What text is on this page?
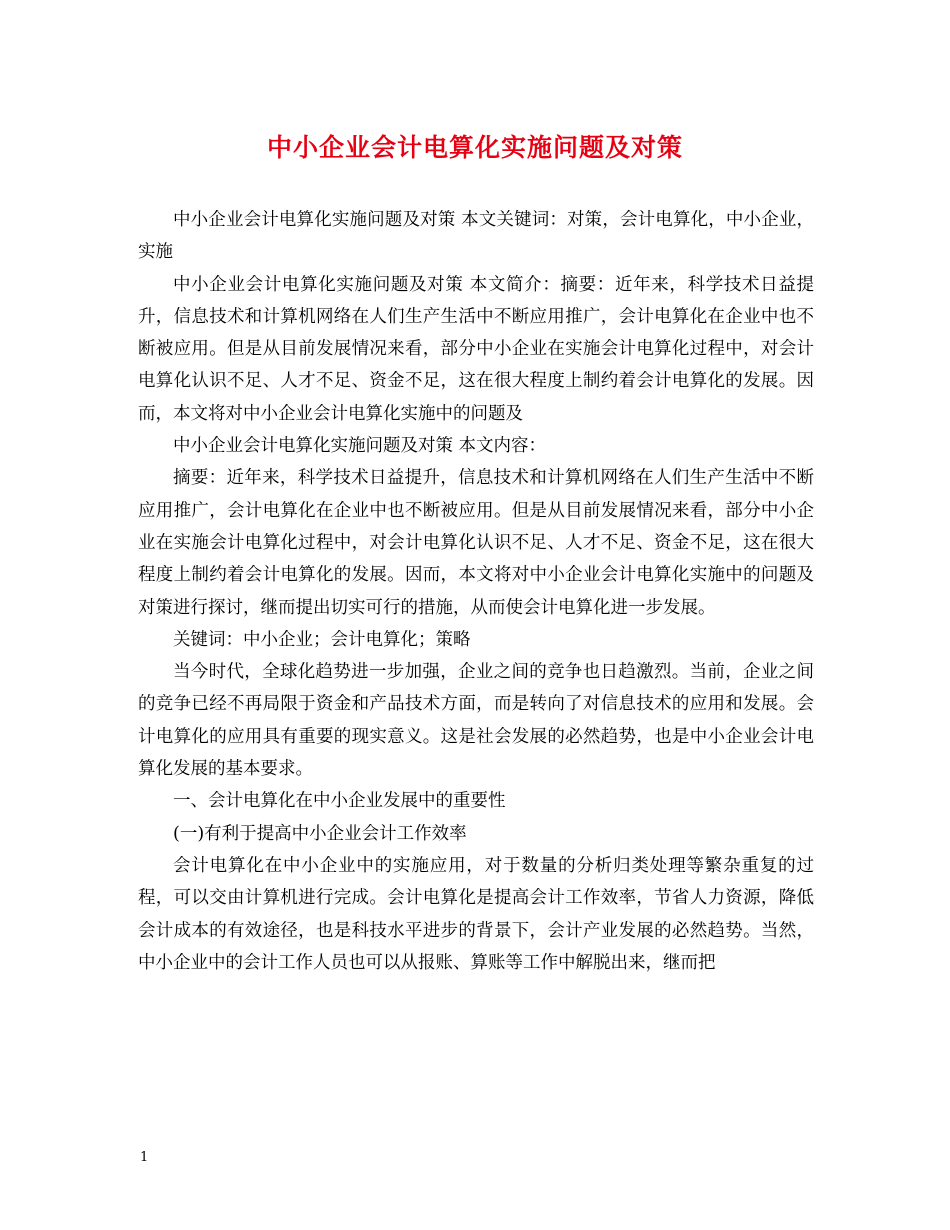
中小企业会计电算化实施问题及对策

中小企业会计电算化实施问题及对策 本文关键词：对策，会计电算化，中小企业，实施

中小企业会计电算化实施问题及对策 本文简介：摘要：近年来，科学技术日益提升，信息技术和计算机网络在人们生产生活中不断应用推广，会计电算化在企业中也不断被应用。但是从目前发展情况来看，部分中小企业在实施会计电算化过程中，对会计电算化认识不足、人才不足、资金不足，这在很大程度上制约着会计电算化的发展。因而，本文将对中小企业会计电算化实施中的问题及

中小企业会计电算化实施问题及对策 本文内容：

摘要：近年来，科学技术日益提升，信息技术和计算机网络在人们生产生活中不断应用推广，会计电算化在企业中也不断被应用。但是从目前发展情况来看，部分中小企业在实施会计电算化过程中，对会计电算化认识不足、人才不足、资金不足，这在很大程度上制约着会计电算化的发展。因而，本文将对中小企业会计电算化实施中的问题及对策进行探讨，继而提出切实可行的措施，从而使会计电算化进一步发展。

关键词：中小企业；会计电算化；策略

当今时代，全球化趋势进一步加强，企业之间的竞争也日趋激烈。当前，企业之间的竞争已经不再局限于资金和产品技术方面，而是转向了对信息技术的应用和发展。会计电算化的应用具有重要的现实意义。这是社会发展的必然趋势，也是中小企业会计电算化发展的基本要求。

一、会计电算化在中小企业发展中的重要性

(一)有利于提高中小企业会计工作效率

会计电算化在中小企业中的实施应用，对于数量的分析归类处理等繁杂重复的过程，可以交由计算机进行完成。会计电算化是提高会计工作效率，节省人力资源，降低会计成本的有效途径，也是科技水平进步的背景下，会计产业发展的必然趋势。当然，中小企业中的会计工作人员也可以从报账、算账等工作中解脱出来，继而把

1
